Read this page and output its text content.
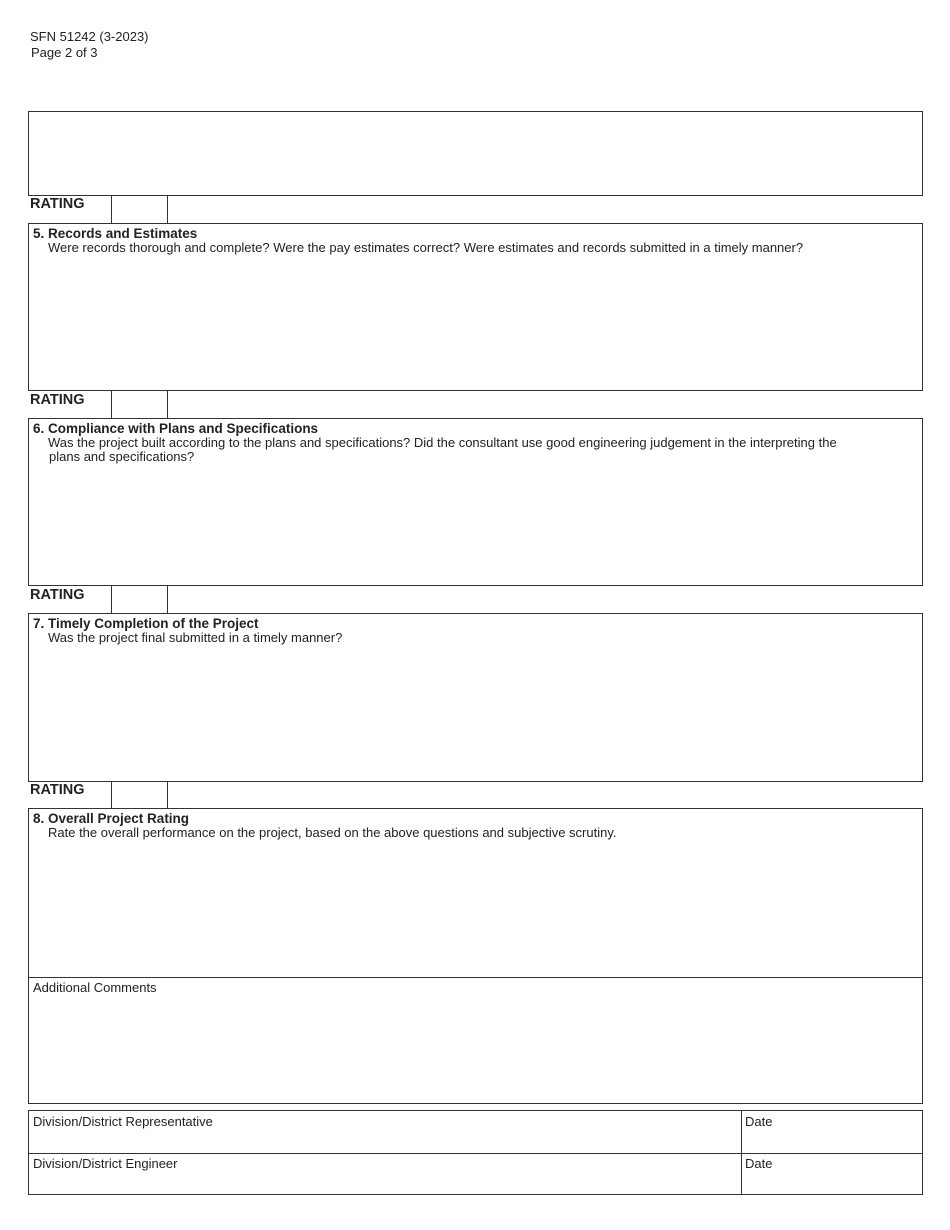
SFN 51242 (3-2023)
Page 2 of 3
RATING
5. Records and Estimates
Were records thorough and complete? Were the pay estimates correct? Were estimates and records submitted in a timely manner?
RATING
6. Compliance with Plans and Specifications
Was the project built according to the plans and specifications? Did the consultant use good engineering judgement in the interpreting the
plans and specifications?
RATING
7. Timely Completion of the Project
Was the project final submitted in a timely manner?
RATING
8. Overall Project Rating
Rate the overall performance on the project, based on the above questions and subjective scrutiny.
Additional Comments
Division/District Representative	Date
Division/District Engineer	Date
